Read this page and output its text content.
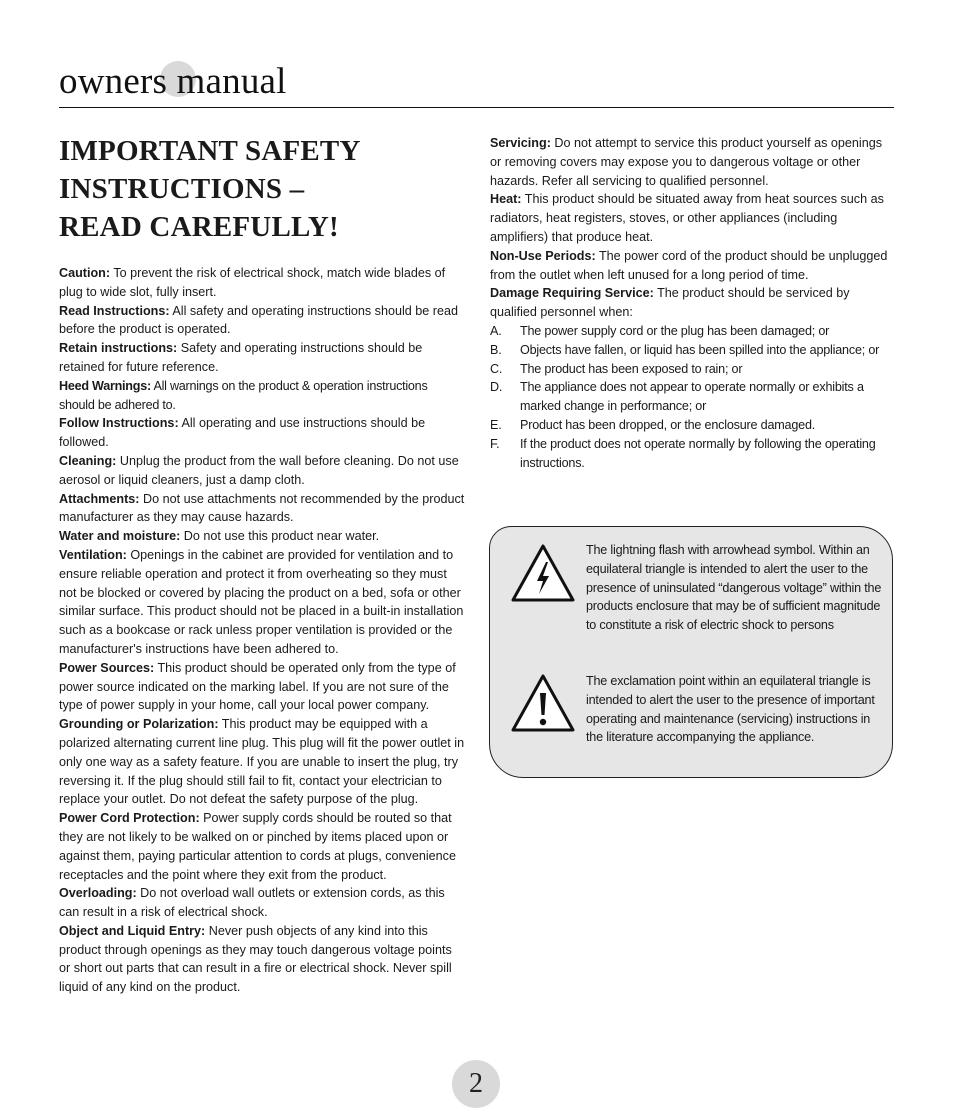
owners manual
IMPORTANT SAFETY
INSTRUCTIONS –
READ CAREFULLY!

Caution: To prevent the risk of electrical shock, match wide blades of plug to wide slot, fully insert.

Read Instructions: All safety and operating instructions should be read before the product is operated.

Retain instructions: Safety and operating instructions should be retained for future reference.

Heed Warnings: All warnings on the product & operation instructions should be adhered to.

Follow Instructions: All operating and use instructions should be followed.

Cleaning: Unplug the product from the wall before cleaning. Do not use aerosol or liquid cleaners, just a damp cloth.

Attachments: Do not use attachments not recommended by the product manufacturer as they may cause hazards.

Water and moisture: Do not use this product near water.

Ventilation: Openings in the cabinet are provided for ventilation and to ensure reliable operation and protect it from overheating so they must not be blocked or covered by placing the product on a bed, sofa or other similar surface. This product should not be placed in a built-in installation such as a bookcase or rack unless proper ventilation is provided or the manufacturer's instructions have been adhered to.

Power Sources: This product should be operated only from the type of power source indicated on the marking label. If you are not sure of the type of power supply in your home, call your local power company.

Grounding or Polarization: This product may be equipped with a polarized alternating current line plug. This plug will fit the power outlet in only one way as a safety feature. If you are unable to insert the plug, try reversing it. If the plug should still fail to fit, contact your electrician to replace your outlet. Do not defeat the safety purpose of the plug.

Power Cord Protection: Power supply cords should be routed so that they are not likely to be walked on or pinched by items placed upon or against them, paying particular attention to cords at plugs, convenience receptacles and the point where they exit from the product.

Overloading: Do not overload wall outlets or extension cords, as this can result in a risk of electrical shock.

Object and Liquid Entry: Never push objects of any kind into this product through openings as they may touch dangerous voltage points or short out parts that can result in a fire or electrical shock. Never spill liquid of any kind on the product.

Servicing: Do not attempt to service this product yourself as openings or removing covers may expose you to dangerous voltage or other hazards. Refer all servicing to qualified personnel.

Heat: This product should be situated away from heat sources such as radiators, heat registers, stoves, or other appliances (including amplifiers) that produce heat.

Non-Use Periods: The power cord of the product should be unplugged from the outlet when left unused for a long period of time.

Damage Requiring Service: The product should be serviced by qualified personnel when:

A.	The power supply cord or the plug has been damaged; or
B.	Objects have fallen, or liquid has been spilled into the appliance; or
C.	The product has been exposed to rain; or
D.	The appliance does not appear to operate normally or exhibits a marked change in performance; or
E.	Product has been dropped, or the enclosure damaged.
F.	If the product does not operate normally by following the operating instructions.

The lightning flash with arrowhead symbol. Within an equilateral triangle is intended to alert the user to the presence of uninsulated “dangerous voltage” within the products enclosure that may be of sufficient magnitude to constitute a risk of electric shock to persons

The exclamation point within an equilateral triangle is intended to alert the user to the presence of important operating and maintenance (servicing) instructions in the literature accompanying the appliance.

2
